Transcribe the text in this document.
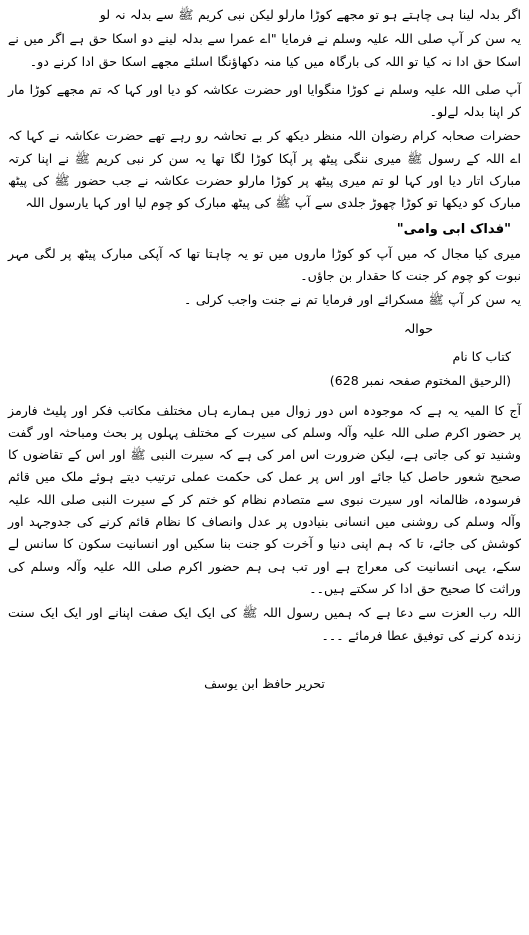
اگر بدلہ لینا ہی چاہتے ہو تو مجھے کوڑا مارلو لیکن نبی کریم ﷺ سے بدلہ نہ لو

یہ سن کر آپ صلی اللہ علیہ وسلم نے فرمایا "اے عمرا سے بدلہ لینے دو اسکا حق ہے اگر میں نے اسکا حق ادا نہ کیا تو اللہ کی بارگاہ میں کیا منہ دکھاؤنگا اسلئے مجھے اسکا حق ادا کرنے دو۔

آپ صلی اللہ علیہ وسلم نے کوڑا منگوایا اور حضرت عکاشہ کو دیا اور کہا کہ تم مجھے کوڑا مار کر اپنا بدلہ لےلو۔

حضرات صحابہ کرام رضوان اللہ منظر دیکھ کر بے تحاشہ رو رہے تھے حضرت عکاشہ نے کہا کہ اے اللہ کے رسول ﷺ میری ننگی پیٹھ پر آپکا کوڑا لگا تھا یہ سن کر نبی کریم ﷺ نے اپنا کرتہ مبارک اتار دیا اور کہا لو تم میری پیٹھ پر کوڑا مارلو حضرت عکاشہ نے جب حضور ﷺ کی پیٹھ مبارک کو دیکھا تو کوڑا چھوڑ جلدی سے آپ ﷺ کی پیٹھ مبارک کو چوم لیا اور کہا یارسول اللہ

"فداک ابی وامی"

میری کیا مجال کہ میں آپ کو کوڑا ماروں میں تو یہ چاہتا تھا کہ آپکی مبارک پیٹھ پر لگی مہر نبوت کو چوم کر جنت کا حقدار بن جاؤں۔

یہ سن کر آپ ﷺ مسکرائے اور فرمایا تم نے جنت واجب کرلی ۔

حوالہ

کتاب کا نام

(الرحیق المختوم صفحہ نمبر 628)

آج کا المیہ یہ ہے کہ موجودہ اس دور زوال میں ہمارے ہاں مختلف مکاتب فکر اور پلیٹ فارمز پر حضور اکرم صلی اللہ علیہ وآلہ وسلم کی سیرت کے مختلف پہلوں پر بحث ومباحثہ اور گفت وشنید تو کی جاتی ہے، لیکن ضرورت اس امر کی ہے کہ سیرت النبی ﷺ اور اس کے تقاضوں کا صحیح شعور حاصل کیا جائے اور اس پر عمل کی حکمت عملی ترتیب دیتے ہوئے ملک میں قائم فرسودہ، ظالمانہ اور سیرت نبوی سے متصادم نظام کو ختم کر کے سیرت النبی صلی اللہ علیہ وآلہ وسلم کی روشنی میں انسانی بنیادوں پر عدل وانصاف کا نظام قائم کرنے کی جدوجہد اور کوشش کی جائے، تا کہ ہم اپنی دنیا و آخرت کو جنت بنا سکیں اور انسانیت سکون کا سانس لے سکے، یہی انسانیت کی معراج ہے اور تب ہی ہم حضور اکرم صلی اللہ علیہ وآلہ وسلم کی وراثت کا صحیح حق ادا کر سکتے ہیں۔۔

اللہ رب العزت سے دعا ہے کہ ہمیں رسول اللہ ﷺ کی ایک ایک صفت اپنانے اور ایک ایک سنت زندہ کرنے کی توفیق عطا فرمائے ۔۔۔

تحریر حافظ ابن یوسف
